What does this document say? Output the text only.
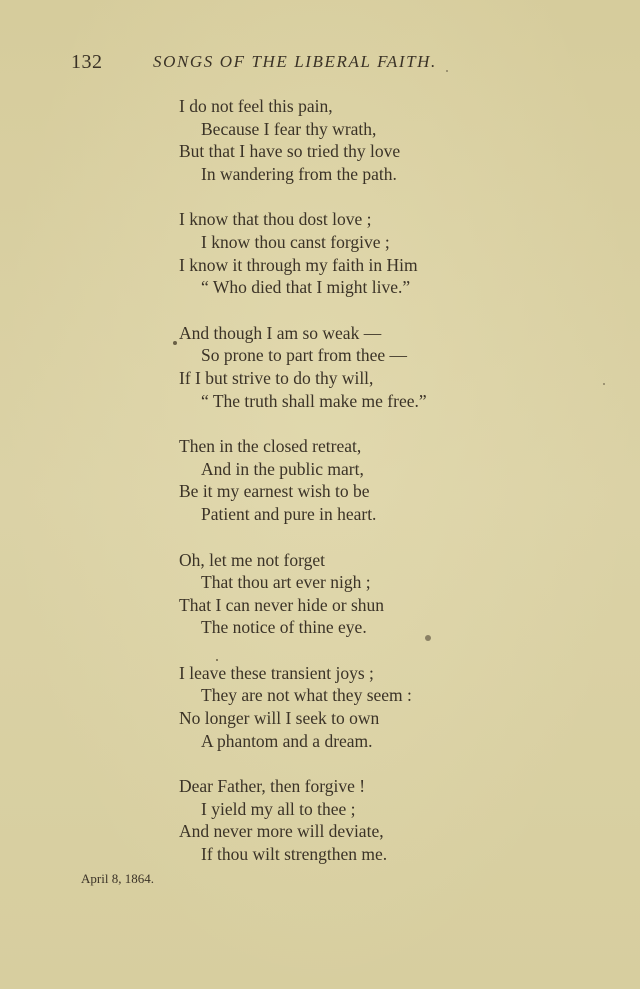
132	SONGS OF THE LIBERAL FAITH.
I do not feel this pain,
Because I fear thy wrath,
But that I have so tried thy love
In wandering from the path.
I know that thou dost love ;
I know thou canst forgive ;
I know it through my faith in Him
“ Who died that I might live.”
And though I am so weak —
So prone to part from thee —
If I but strive to do thy will,
“ The truth shall make me free.”
Then in the closed retreat,
And in the public mart,
Be it my earnest wish to be
Patient and pure in heart.
Oh, let me not forget
That thou art ever nigh ;
That I can never hide or shun
The notice of thine eye.
I leave these transient joys ;
They are not what they seem :
No longer will I seek to own
A phantom and a dream.
Dear Father, then forgive !
I yield my all to thee ;
And never more will deviate,
If thou wilt strengthen me.
April 8, 1864.
